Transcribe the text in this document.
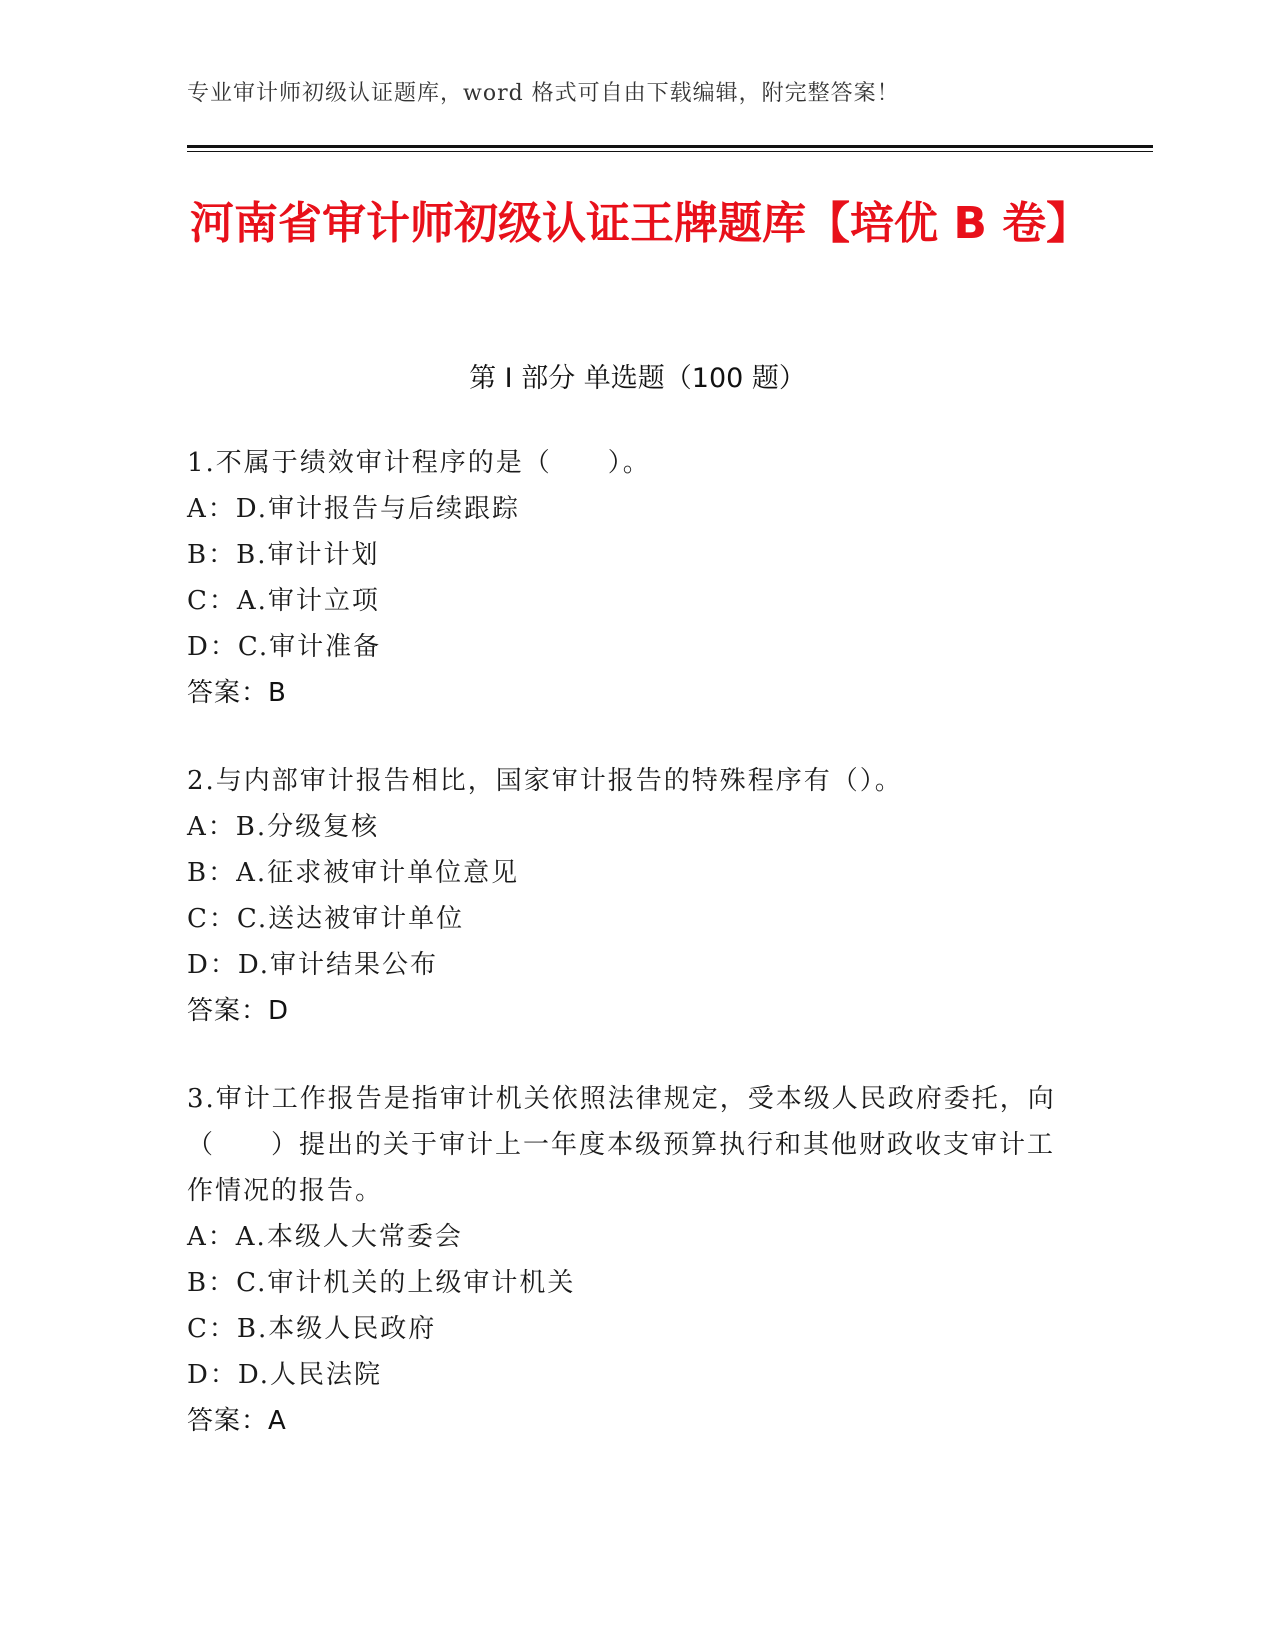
专业审计师初级认证题库，word 格式可自由下载编辑，附完整答案！
河南省审计师初级认证王牌题库【培优 B 卷】
第 I 部分 单选题（100 题）
1.不属于绩效审计程序的是（　　）。
A：D.审计报告与后续跟踪
B：B.审计计划
C：A.审计立项
D：C.审计准备
答案：B
2.与内部审计报告相比，国家审计报告的特殊程序有（）。
A：B.分级复核
B：A.征求被审计单位意见
C：C.送达被审计单位
D：D.审计结果公布
答案：D
3.审计工作报告是指审计机关依照法律规定，受本级人民政府委托，向（　　）提出的关于审计上一年度本级预算执行和其他财政收支审计工作情况的报告。
A：A.本级人大常委会
B：C.审计机关的上级审计机关
C：B.本级人民政府
D：D.人民法院
答案：A
